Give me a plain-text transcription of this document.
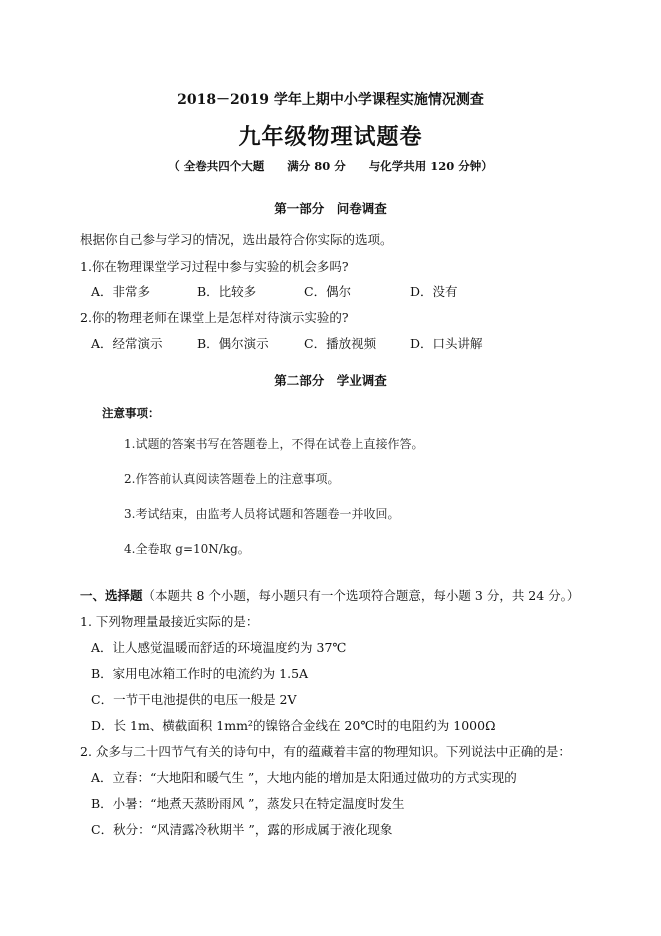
2018－2019 学年上期中小学课程实施情况测查
九年级物理试题卷
（ 全卷共四个大题　　满分 80 分　　与化学共用 120 分钟）
第一部分　问卷调查
根据你自己参与学习的情况，选出最符合你实际的选项。
1.你在物理课堂学习过程中参与实验的机会多吗?
A．非常多	B．比较多	C．偶尔	D．没有
2.你的物理老师在课堂上是怎样对待演示实验的?
A．经常演示	B．偶尔演示	C．播放视频	D．口头讲解
第二部分　学业调查
注意事项：
1.试题的答案书写在答题卷上，不得在试卷上直接作答。
2.作答前认真阅读答题卷上的注意事项。
3.考试结束，由监考人员将试题和答题卷一并收回。
4.全卷取 g=10N/kg。
一、选择题（本题共 8 个小题，每小题只有一个选项符合题意，每小题 3 分，共 24 分。）
1. 下列物理量最接近实际的是：
A．让人感觉温暖而舒适的环境温度约为 37℃
B．家用电冰箱工作时的电流约为 1.5A
C．一节干电池提供的电压一般是 2V
D．长 1m、横截面积 1mm²的镍铬合金线在 20℃时的电阻约为 1000Ω
2. 众多与二十四节气有关的诗句中，有的蕴藏着丰富的物理知识。下列说法中正确的是：
A．立春：“大地阳和暖气生 ”，大地内能的增加是太阳通过做功的方式实现的
B．小暑：“地煮天蒸盼雨风 ”，蒸发只在特定温度时发生
C．秋分：“风清露冷秋期半 ”，露的形成属于液化现象
